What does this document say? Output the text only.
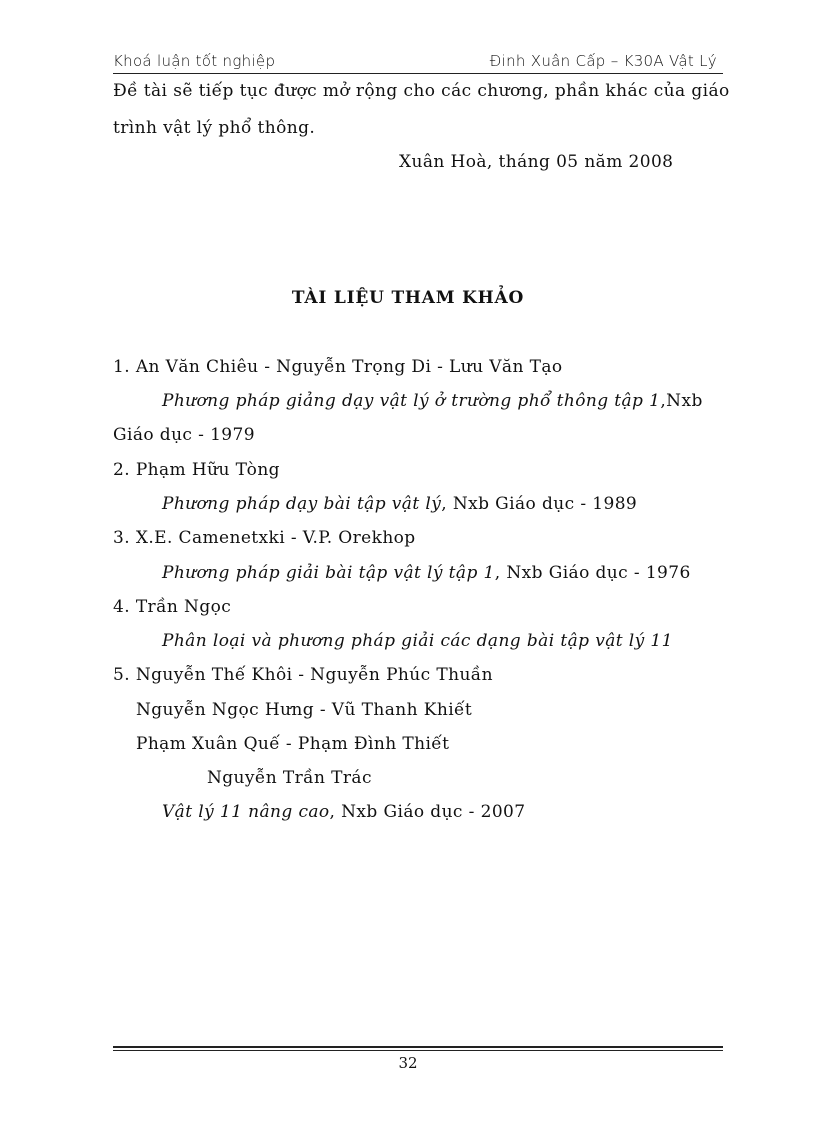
Khoá luận tốt nghiệp	Đinh Xuân Cấp – K30A Vật Lý
Đề tài sẽ tiếp tục được mở rộng cho các chương, phần khác của giáo
trình vật lý phổ thông.
Xuân Hoà, tháng 05 năm 2008
TÀI LIỆU THAM KHẢO
1. An Văn Chiêu - Nguyễn Trọng Di - Lưu Văn Tạo
Phương pháp giảng dạy vật lý ở trường phổ thông tập 1,Nxb
Giáo dục - 1979
2. Phạm Hữu Tòng
Phương pháp dạy bài tập vật lý, Nxb Giáo dục - 1989
3. X.E. Camenetxki - V.P. Orekhop
Phương pháp giải bài tập vật lý tập 1, Nxb Giáo dục - 1976
4. Trần Ngọc
Phân loại và phương pháp giải các dạng bài tập vật lý 11
5. Nguyễn Thế Khôi - Nguyễn Phúc Thuần
Nguyễn Ngọc Hưng - Vũ Thanh Khiết
Phạm Xuân Quế - Phạm Đình Thiết
Nguyễn Trần Trác
Vật lý 11 nâng cao, Nxb Giáo dục - 2007
32
